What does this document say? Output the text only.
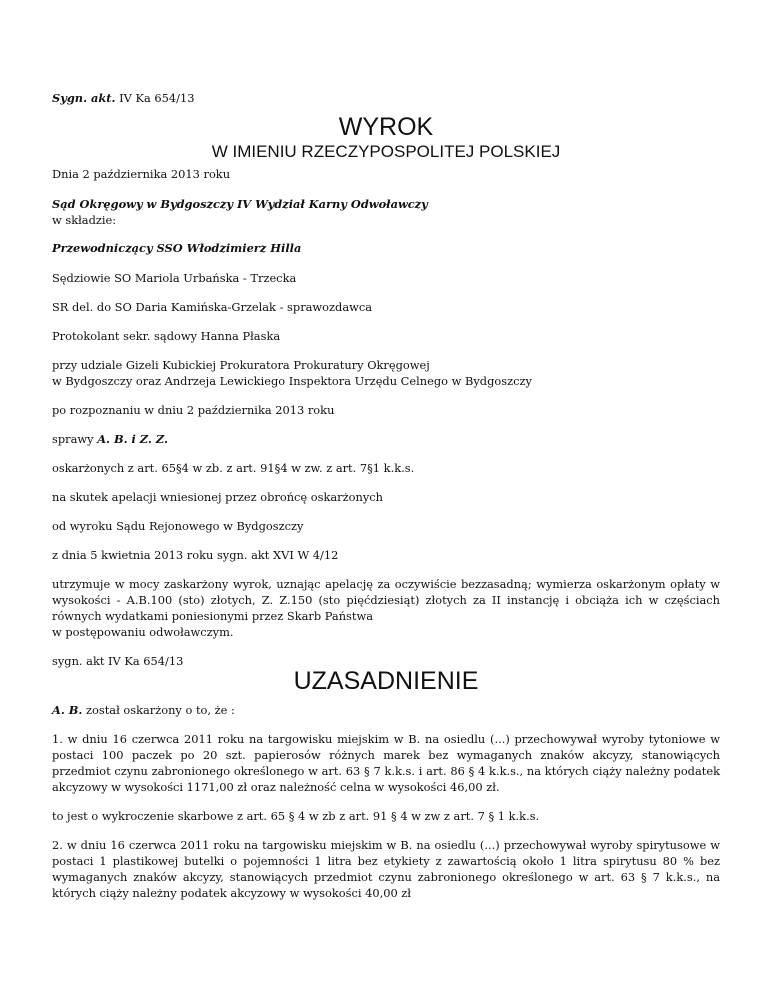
Sygn. akt. IV Ka 654/13

WYROK
W IMIENIU RZECZYPOSPOLITEJ POLSKIEJ

Dnia 2 października 2013 roku

Sąd Okręgowy w Bydgoszczy IV Wydział Karny Odwoławczy

w składzie:

Przewodniczący SSO Włodzimierz Hilla

Sędziowie SO Mariola Urbańska - Trzecka

SR del. do SO Daria Kamińska-Grzelak - sprawozdawca

Protokolant sekr. sądowy Hanna Płaska

przy udziale Gizeli Kubickiej Prokuratora Prokuratury Okręgowej

w Bydgoszczy oraz Andrzeja Lewickiego Inspektora Urzędu Celnego w Bydgoszczy

po rozpoznaniu w dniu 2 października 2013 roku

sprawy A. B. i Z. Z.

oskarżonych z art. 65§4 w zb. z art. 91§4 w zw. z art. 7§1 k.k.s.

na skutek apelacji wniesionej przez obrońcę oskarżonych

od wyroku Sądu Rejonowego w Bydgoszczy

z dnia 5 kwietnia 2013 roku sygn. akt XVI W 4/12

utrzymuje w mocy zaskarżony wyrok, uznając apelację za oczywiście bezzasadną; wymierza oskarżonym opłaty w wysokości - A.B.100 (sto) złotych, Z. Z.150 (sto pięćdziesiąt) złotych za II instancję i obciąża ich w częściach równych wydatkami poniesionymi przez Skarb Państwa

w postępowaniu odwoławczym.

sygn. akt IV Ka 654/13

UZASADNIENIE

A. B. został oskarżony o to, że :

1. w dniu 16 czerwca 2011 roku na targowisku miejskim w B. na osiedlu (...) przechowywał wyroby tytoniowe w postaci 100 paczek po 20 szt. papierosów różnych marek bez wymaganych znaków akcyzy, stanowiących przedmiot czynu zabronionego określonego w art. 63 § 7 k.k.s. i art. 86 § 4 k.k.s., na których ciąży należny podatek akcyzowy w wysokości 1171,00 zł oraz należność celna w wysokości 46,00 zł.

to jest o wykroczenie skarbowe z art. 65 § 4 w zb z art. 91 § 4 w zw z art. 7 § 1 k.k.s.

2. w dniu 16 czerwca 2011 roku na targowisku miejskim w B. na osiedlu (...) przechowywał wyroby spirytusowe w postaci 1 plastikowej butelki o pojemności 1 litra bez etykiety z zawartością około 1 litra spirytusu 80 % bez wymaganych znaków akcyzy, stanowiących przedmiot czynu zabronionego określonego w art. 63 § 7 k.k.s., na których ciąży należny podatek akcyzowy w wysokości 40,00 zł
